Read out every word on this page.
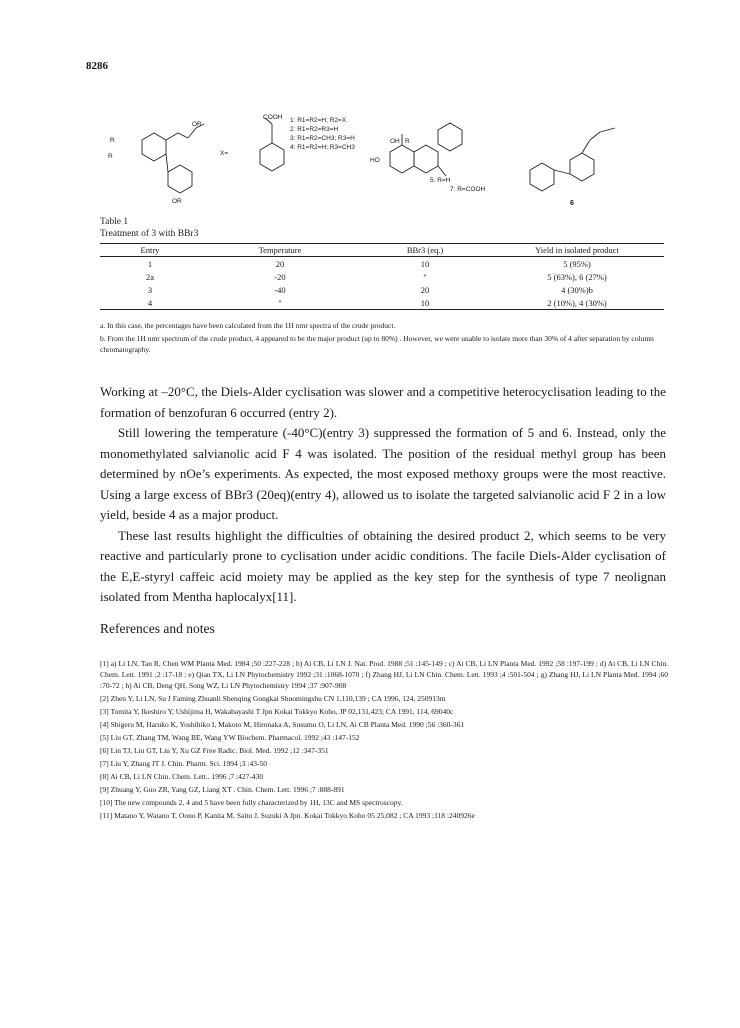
8286
OR
COOH
R
R
OR
X=
1: R1=R2=H; R2=X
2: R1=R2=R3=H
3: R1=R2=CH3; R3=H
4: R1=R2=H; R3=CH3
OH R
HO
5: R=H
7: R=COOH
6
Table 1
Treatment of 3 with BBr3
Entry	Temperature	BBr3 (eq.)	Yield in isolated product
1	20	10	5 (95%)
2a	-20	"	5 (63%), 6 (27%)
3	-40	20	4 (30%)b
4	"	10	2 (10%), 4 (30%)

a. In this case, the percentages have been calculated from the 1H nmr spectra of the crude product.

b. From the 1H nmr spectrum of the crude product, 4 appeared to be the major product (up to 80%) . However, we were unable to isolate more than 30% of 4 after separation by column chromatography.

Working at –20°C, the Diels-Alder cyclisation was slower and a competitive heterocyclisation leading to the formation of benzofuran 6 occurred (entry 2).

Still lowering the temperature (-40°C)(entry 3) suppressed the formation of 5 and 6. Instead, only the monomethylated salvianolic acid F 4 was isolated. The position of the residual methyl group has been determined by nOe’s experiments. As expected, the most exposed methoxy groups were the most reactive. Using a large excess of BBr3 (20eq)(entry 4), allowed us to isolate the targeted salvianolic acid F 2 in a low yield, beside 4 as a major product.

These last results highlight the difficulties of obtaining the desired product 2, which seems to be very reactive and particularly prone to cyclisation under acidic conditions. The facile Diels-Alder cyclisation of the E,E-styryl caffeic acid moiety may be applied as the key step for the synthesis of type 7 neolignan isolated from Mentha haplocalyx[11].

References and notes

[1] a) Li LN, Tan R, Chen WM Planta Med. 1984 ;50 :227-228 ; b) Ai CB, Li LN J. Nat. Prod. 1988 ;51 :145-149 ; c) Ai CB, Li LN Planta Med. 1992 ;58 :197-199 ; d) Ai CB, Li LN Chin. Chem. Lett. 1991 ;2 :17-18 ; e) Qian TX, Li LN Phytochemistry 1992 ;31 :1068-1070 ; f) Zhang HJ, Li LN Chin. Chem. Lett. 1993 ;4 :501-504 ; g) Zhang HJ, Li LN Planta Med. 1994 ;60 :70-72 ; h) Ai CB, Deng QH, Song WZ, Li LN Phytochemistry 1994 ;37 :907-908

[2] Zhen Y, Li LN, Su J Faming Zhuanli Shenqing Gongkai Shuomingshu CN 1,110,139 ; CA 1996, 124, 250913m

[3] Tomita Y, Ikeshiro Y, Ushijima H, Wakabayashi T Jpn Kokai Tokkyo Koho, JP 02,131,423; CA 1991, 114, 69040c

[4] Shigeru M, Haruko K, Yoshihiko I, Makoto M, Hironaka A, Susumu O, Li LN, Ai CB Planta Med. 1990 ;56 :360-361

[5] Liu GT, Zhang TM, Wang BE, Wang YW Biochem. Pharmacol. 1992 ;43 :147-152

[6] Lin TJ, Liu GT, Liu Y, Xu GZ Free Radic. Biol. Med. 1992 ;12 :347-351

[7] Liu Y, Zhang JT J. Chin. Pharm. Sci. 1994 ;3 :43-50

[8] Ai CB, Li LN Chin. Chem. Lett.. 1996 ;7 :427-430

[9] Zhuang Y, Guo ZR, Yang GZ, Liang XT . Chin. Chem. Lett. 1996 ;7 :888-891

[10] The new compounds 2, 4 and 5 have been fully characterized by 1H, 13C and MS spectroscopy.

[11] Matano Y, Watano T, Oono P, Kanita M, Saito J, Suzuki A Jpn. Kokai Tokkyo Koho 05 25,082 ; CA 1993 ;118 :240926e
